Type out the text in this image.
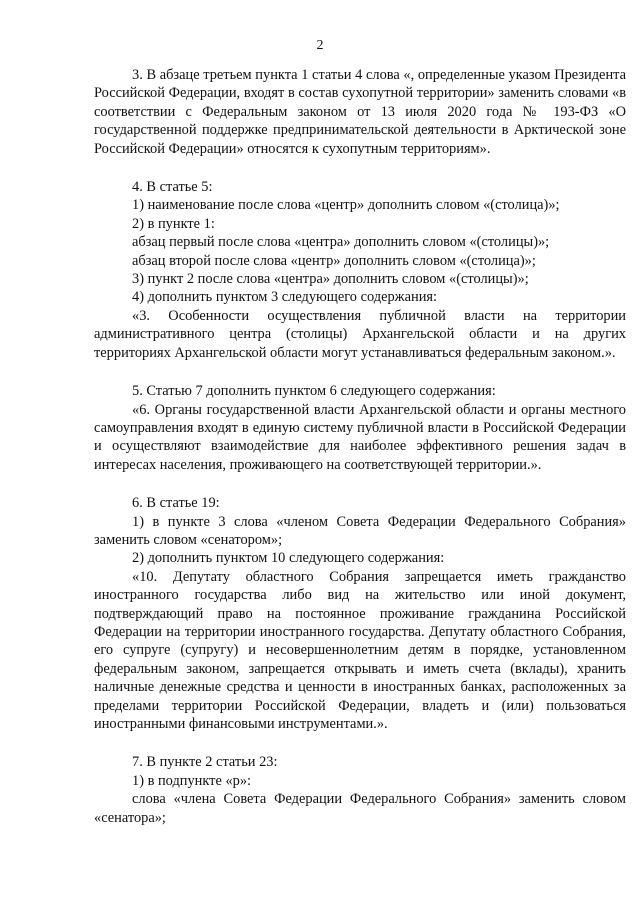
2

3. В абзаце третьем пункта 1 статьи 4 слова «, определенные указом Президента Российской Федерации, входят в состав сухопутной территории» заменить словами «в соответствии с Федеральным законом от 13 июля 2020 года № 193-ФЗ «О государственной поддержке предпринимательской деятельности в Арктической зоне Российской Федерации» относятся к сухопутным территориям».

4. В статье 5:

1) наименование после слова «центр» дополнить словом «(столица)»;

2) в пункте 1:

абзац первый после слова «центра» дополнить словом «(столицы)»;

абзац второй после слова «центр» дополнить словом «(столица)»;

3) пункт 2 после слова «центра» дополнить словом «(столицы)»;

4) дополнить пунктом 3 следующего содержания:

«3. Особенности осуществления публичной власти на территории административного центра (столицы) Архангельской области и на других территориях Архангельской области могут устанавливаться федеральным законом.».

5. Статью 7 дополнить пунктом 6 следующего содержания:

«6. Органы государственной власти Архангельской области и органы местного самоуправления входят в единую систему публичной власти в Российской Федерации и осуществляют взаимодействие для наиболее эффективного решения задач в интересах населения, проживающего на соответствующей территории.».

6. В статье 19:

1) в пункте 3 слова «членом Совета Федерации Федерального Собрания» заменить словом «сенатором»;

2) дополнить пунктом 10 следующего содержания:

«10. Депутату областного Собрания запрещается иметь гражданство иностранного государства либо вид на жительство или иной документ, подтверждающий право на постоянное проживание гражданина Российской Федерации на территории иностранного государства. Депутату областного Собрания, его супруге (супругу) и несовершеннолетним детям в порядке, установленном федеральным законом, запрещается открывать и иметь счета (вклады), хранить наличные денежные средства и ценности в иностранных банках, расположенных за пределами территории Российской Федерации, владеть и (или) пользоваться иностранными финансовыми инструментами.».

7. В пункте 2 статьи 23:

1) в подпункте «р»:

слова «члена Совета Федерации Федерального Собрания» заменить словом «сенатора»;
